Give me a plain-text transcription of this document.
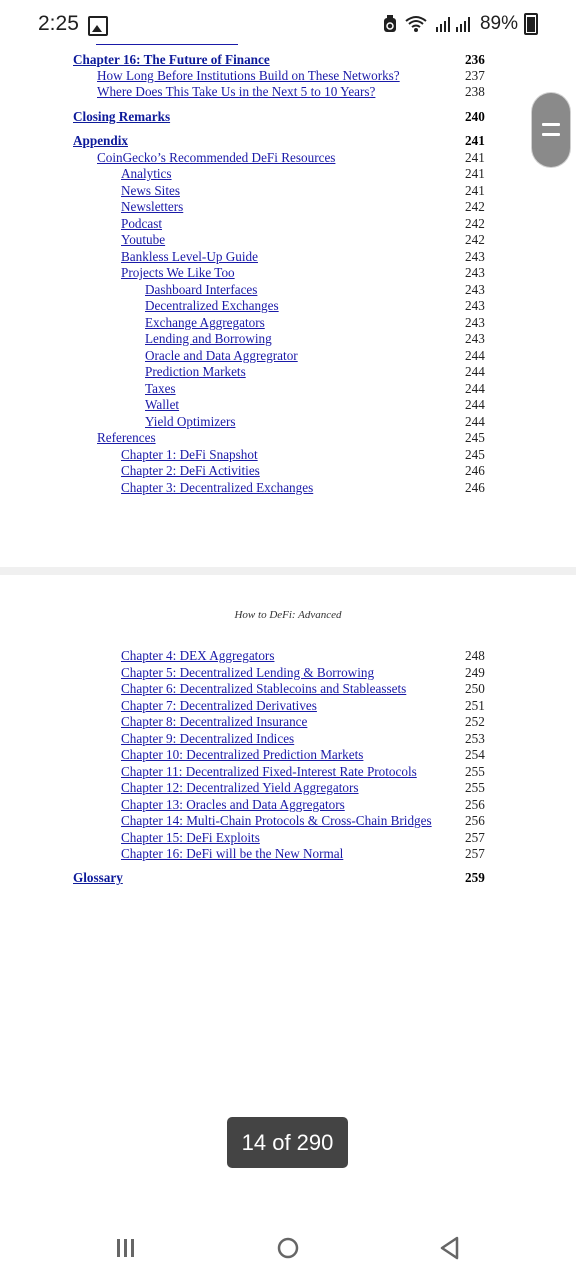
2:25	89%
Chapter 16: The Future of Finance	236
How Long Before Institutions Build on These Networks?	237
Where Does This Take Us in the Next 5 to 10 Years?	238
Closing Remarks	240
Appendix	241
CoinGecko’s Recommended DeFi Resources	241
Analytics	241
News Sites	241
Newsletters	242
Podcast	242
Youtube	242
Bankless Level-Up Guide	243
Projects We Like Too	243
Dashboard Interfaces	243
Decentralized Exchanges	243
Exchange Aggregators	243
Lending and Borrowing	243
Oracle and Data Aggregrator	244
Prediction Markets	244
Taxes	244
Wallet	244
Yield Optimizers	244
References	245
Chapter 1: DeFi Snapshot	245
Chapter 2: DeFi Activities	246
Chapter 3: Decentralized Exchanges	246
How to DeFi: Advanced
Chapter 4: DEX Aggregators	248
Chapter 5: Decentralized Lending & Borrowing	249
Chapter 6: Decentralized Stablecoins and Stableassets	250
Chapter 7: Decentralized Derivatives	251
Chapter 8: Decentralized Insurance	252
Chapter 9: Decentralized Indices	253
Chapter 10: Decentralized Prediction Markets	254
Chapter 11: Decentralized Fixed-Interest Rate Protocols	255
Chapter 12: Decentralized Yield Aggregators	255
Chapter 13: Oracles and Data Aggregators	256
Chapter 14: Multi-Chain Protocols & Cross-Chain Bridges	256
Chapter 15: DeFi Exploits	257
Chapter 16: DeFi will be the New Normal	257
Glossary	259
14 of 290
